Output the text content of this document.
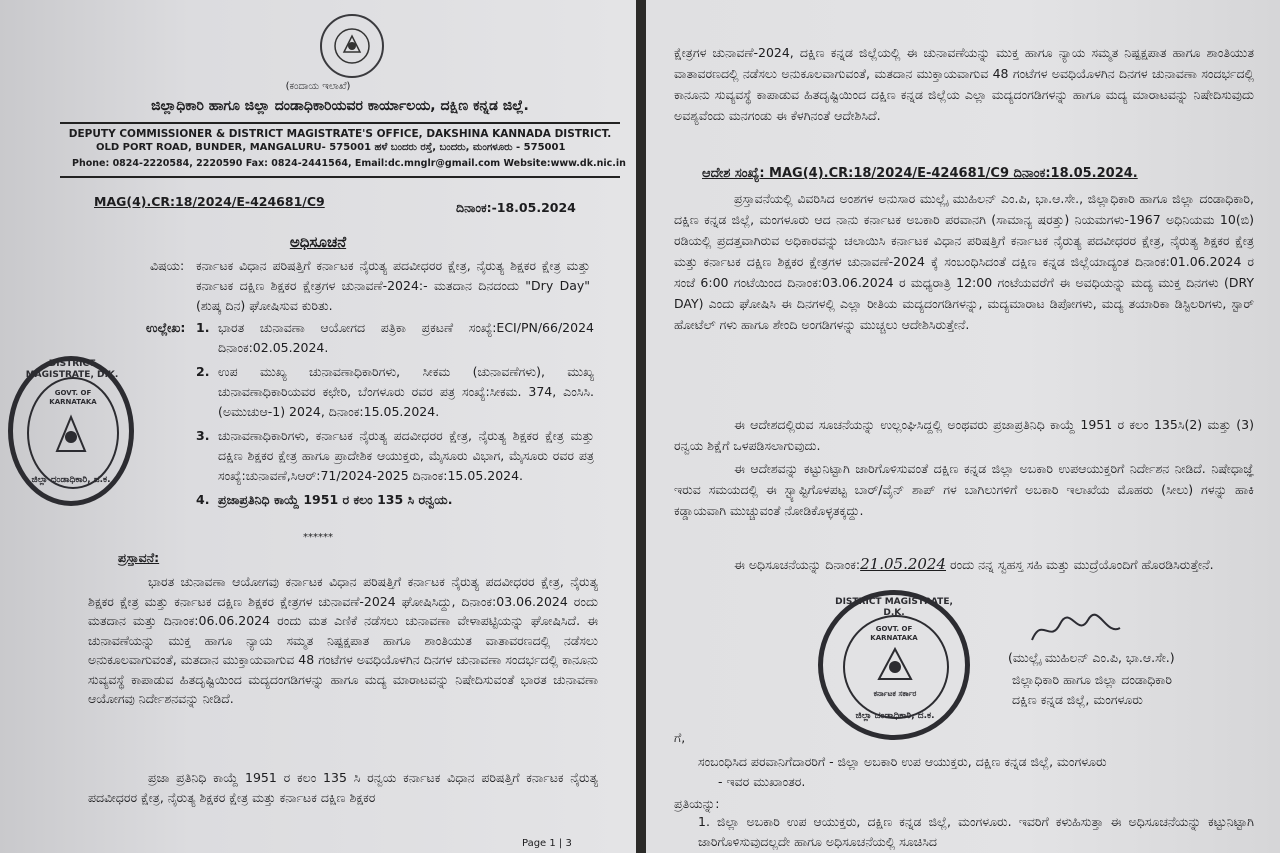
(ಕಂದಾಯ ಇಲಾಖೆ)

ಜಿಲ್ಲಾಧಿಕಾರಿ ಹಾಗೂ ಜಿಲ್ಲಾ ದಂಡಾಧಿಕಾರಿಯವರ ಕಾರ್ಯಾಲಯ, ದಕ್ಷಿಣ ಕನ್ನಡ ಜಿಲ್ಲೆ.

DEPUTY COMMISSIONER & DISTRICT MAGISTRATE'S OFFICE, DAKSHINA KANNADA DISTRICT.

OLD PORT ROAD, BUNDER, MANGALURU- 575001 ಹಳೆ ಬಂದರು ರಸ್ತೆ, ಬಂದರು, ಮಂಗಳೂರು - 575001

Phone: 0824-2220584, 2220590 Fax: 0824-2441564, Email:dc.mnglr@gmail.com Website:www.dk.nic.in

MAG(4).CR:18/2024/E-424681/C9	ದಿನಾಂಕ:-18.05.2024

ಅಧಿಸೂಚನೆ

ವಿಷಯ: ಕರ್ನಾಟಕ ವಿಧಾನ ಪರಿಷತ್ತಿಗೆ ಕರ್ನಾಟಕ ನೈರುತ್ಯ ಪದವೀಧರರ ಕ್ಷೇತ್ರ, ನೈರುತ್ಯ ಶಿಕ್ಷಕರ ಕ್ಷೇತ್ರ ಮತ್ತು ಕರ್ನಾಟಕ ದಕ್ಷಿಣ ಶಿಕ್ಷಕರ ಕ್ಷೇತ್ರಗಳ ಚುನಾವಣೆ-2024:- ಮತದಾನ ದಿನದಂದು "Dry Day" (ಶುಷ್ಕ ದಿನ) ಘೋಷಿಸುವ ಕುರಿತು.
ಉಲ್ಲೇಖ: 1. ಭಾರತ ಚುನಾವಣಾ ಆಯೋಗದ ಪತ್ರಿಕಾ ಪ್ರಕಟಣೆ ಸಂಖ್ಯೆ:ECI/PN/66/2024 ದಿನಾಂಕ:02.05.2024.
2. ಉಪ ಮುಖ್ಯ ಚುನಾವಣಾಧಿಕಾರಿಗಳು, ಸೀಕಮ (ಚುನಾವಣೆಗಳು), ಮುಖ್ಯ ಚುನಾವಣಾಧಿಕಾರಿಯವರ ಕಛೇರಿ, ಬೆಂಗಳೂರು ರವರ ಪತ್ರ ಸಂಖ್ಯೆ:ಸೀಕಮ. 374, ಎಂಸಿಸಿ. (ಅಮುಚುಆ-1) 2024, ದಿನಾಂಕ:15.05.2024.
3. ಚುನಾವಣಾಧಿಕಾರಿಗಳು, ಕರ್ನಾಟಕ ನೈರುತ್ಯ ಪದವೀಧರರ ಕ್ಷೇತ್ರ, ನೈರುತ್ಯ ಶಿಕ್ಷಕರ ಕ್ಷೇತ್ರ ಮತ್ತು ದಕ್ಷಿಣ ಶಿಕ್ಷಕರ ಕ್ಷೇತ್ರ ಹಾಗೂ ಪ್ರಾದೇಶಿಕ ಆಯುಕ್ತರು, ಮೈಸೂರು ವಿಭಾಗ, ಮೈಸೂರು ರವರ ಪತ್ರ ಸಂಖ್ಯೆ:ಚುನಾವಣೆ,ಸಿಆರ್:71/2024-2025 ದಿನಾಂಕ:15.05.2024.
4. ಪ್ರಜಾಪ್ರತಿನಿಧಿ ಕಾಯ್ದೆ 1951 ರ ಕಲಂ 135 ಸಿ ರನ್ವಯ.

******

ಪ್ರಸ್ತಾವನೆ:

ಭಾರತ ಚುನಾವಣಾ ಆಯೋಗವು ಕರ್ನಾಟಕ ವಿಧಾನ ಪರಿಷತ್ತಿಗೆ ಕರ್ನಾಟಕ ನೈರುತ್ಯ ಪದವೀಧರರ ಕ್ಷೇತ್ರ, ನೈರುತ್ಯ ಶಿಕ್ಷಕರ ಕ್ಷೇತ್ರ ಮತ್ತು ಕರ್ನಾಟಕ ದಕ್ಷಿಣ ಶಿಕ್ಷಕರ ಕ್ಷೇತ್ರಗಳ ಚುನಾವಣೆ-2024 ಘೋಷಿಸಿದ್ದು, ದಿನಾಂಕ:03.06.2024 ರಂದು ಮತದಾನ ಮತ್ತು ದಿನಾಂಕ:06.06.2024 ರಂದು ಮತ ಎಣಿಕೆ ನಡೆಸಲು ಚುನಾವಣಾ ವೇಳಾಪಟ್ಟಿಯನ್ನು ಘೋಷಿಸಿದೆ. ಈ ಚುನಾವಣೆಯನ್ನು ಮುಕ್ತ ಹಾಗೂ ನ್ಯಾಯ ಸಮ್ಮತ ನಿಷ್ಪಕ್ಷಪಾತ ಹಾಗೂ ಶಾಂತಿಯುತ ವಾತಾವರಣದಲ್ಲಿ ನಡೆಸಲು ಅನುಕೂಲವಾಗುವಂತೆ, ಮತದಾನ ಮುಕ್ತಾಯವಾಗುವ 48 ಗಂಟೆಗಳ ಅವಧಿಯೊಳಗಿನ ದಿನಗಳ ಚುನಾವಣಾ ಸಂದರ್ಭದಲ್ಲಿ ಕಾನೂನು ಸುವ್ಯವಸ್ಥೆ ಕಾಪಾಡುವ ಹಿತದೃಷ್ಟಿಯಿಂದ ಮದ್ಯದಂಗಡಿಗಳನ್ನು ಹಾಗೂ ಮದ್ಯ ಮಾರಾಟವನ್ನು ನಿಷೇದಿಸುವಂತೆ ಭಾರತ ಚುನಾವಣಾ ಆಯೋಗವು ನಿರ್ದೇಶನವನ್ನು ನೀಡಿದೆ.

ಪ್ರಜಾ ಪ್ರತಿನಿಧಿ ಕಾಯ್ದೆ 1951 ರ ಕಲಂ 135 ಸಿ ರನ್ವಯ ಕರ್ನಾಟಕ ವಿಧಾನ ಪರಿಷತ್ತಿಗೆ ಕರ್ನಾಟಕ ನೈರುತ್ಯ ಪದವೀಧರರ ಕ್ಷೇತ್ರ, ನೈರುತ್ಯ ಶಿಕ್ಷಕರ ಕ್ಷೇತ್ರ ಮತ್ತು ಕರ್ನಾಟಕ ದಕ್ಷಿಣ ಶಿಕ್ಷಕರ

Page 1 | 3

DISTRICT MAGISTRATE, D.K.
GOVT. OF KARNATAKA
ಜಿಲ್ಲಾ ದಂಡಾಧಿಕಾರಿ, ದ.ಕ.

ಕ್ಷೇತ್ರಗಳ ಚುನಾವಣೆ-2024, ದಕ್ಷಿಣ ಕನ್ನಡ ಜಿಲ್ಲೆಯಲ್ಲಿ ಈ ಚುನಾವಣೆಯನ್ನು ಮುಕ್ತ ಹಾಗೂ ನ್ಯಾಯ ಸಮ್ಮತ ನಿಷ್ಪಕ್ಷಪಾತ ಹಾಗೂ ಶಾಂತಿಯುತ ವಾತಾವರಣದಲ್ಲಿ ನಡೆಸಲು ಅನುಕೂಲವಾಗುವಂತೆ, ಮತದಾನ ಮುಕ್ತಾಯವಾಗುವ 48 ಗಂಟೆಗಳ ಅವಧಿಯೊಳಗಿನ ದಿನಗಳ ಚುನಾವಣಾ ಸಂದರ್ಭದಲ್ಲಿ ಕಾನೂನು ಸುವ್ಯವಸ್ಥೆ ಕಾಪಾಡುವ ಹಿತದೃಷ್ಟಿಯಿಂದ ದಕ್ಷಿಣ ಕನ್ನಡ ಜಿಲ್ಲೆಯ ಎಲ್ಲಾ ಮದ್ಯದಂಗಡಿಗಳನ್ನು ಹಾಗೂ ಮದ್ಯ ಮಾರಾಟವನ್ನು ನಿಷೇದಿಸುವುದು ಅವಶ್ಯವೆಂದು ಮನಗಂಡು ಈ ಕೆಳಗಿನಂತೆ ಆದೇಶಿಸಿದೆ.

ಆದೇಶ ಸಂಖ್ಯೆ: MAG(4).CR:18/2024/E-424681/C9 ದಿನಾಂಕ:18.05.2024.

ಪ್ರಸ್ತಾವನೆಯಲ್ಲಿ ವಿವರಿಸಿದ ಅಂಶಗಳ ಅನುಸಾರ ಮುಲ್ಲೈ ಮುಹಿಲನ್ ಎಂ.ಪಿ, ಭಾ.ಆ.ಸೇ., ಜಿಲ್ಲಾಧಿಕಾರಿ ಹಾಗೂ ಜಿಲ್ಲಾ ದಂಡಾಧಿಕಾರಿ, ದಕ್ಷಿಣ ಕನ್ನಡ ಜಿಲ್ಲೆ, ಮಂಗಳೂರು ಆದ ನಾನು ಕರ್ನಾಟಕ ಅಬಕಾರಿ ಪರವಾನಗಿ (ಸಾಮಾನ್ಯ ಷರತ್ತು) ನಿಯಮಗಳು-1967 ಅಧಿನಿಯಮ 10(ಬಿ) ರಡಿಯಲ್ಲಿ ಪ್ರದತ್ತವಾಗಿರುವ ಅಧಿಕಾರವನ್ನು ಚಲಾಯಿಸಿ ಕರ್ನಾಟಕ ವಿಧಾನ ಪರಿಷತ್ತಿಗೆ ಕರ್ನಾಟಕ ನೈರುತ್ಯ ಪದವೀಧರರ ಕ್ಷೇತ್ರ, ನೈರುತ್ಯ ಶಿಕ್ಷಕರ ಕ್ಷೇತ್ರ ಮತ್ತು ಕರ್ನಾಟಕ ದಕ್ಷಿಣ ಶಿಕ್ಷಕರ ಕ್ಷೇತ್ರಗಳ ಚುನಾವಣೆ-2024 ಕ್ಕೆ ಸಂಬಂಧಿಸಿದಂತೆ ದಕ್ಷಿಣ ಕನ್ನಡ ಜಿಲ್ಲೆಯಾದ್ಯಂತ ದಿನಾಂಕ:01.06.2024 ರ ಸಂಜೆ 6:00 ಗಂಟೆಯಿಂದ ದಿನಾಂಕ:03.06.2024 ರ ಮಧ್ಯರಾತ್ರಿ 12:00 ಗಂಟೆಯವರೆಗೆ ಈ ಅವಧಿಯನ್ನು ಮದ್ಯ ಮುಕ್ತ ದಿನಗಳು (DRY DAY) ಎಂದು ಘೋಷಿಸಿ ಈ ದಿನಗಳಲ್ಲಿ ಎಲ್ಲಾ ರೀತಿಯ ಮದ್ಯದಂಗಡಿಗಳನ್ನು, ಮದ್ಯಮಾರಾಟ ಡಿಪೋಗಳು, ಮದ್ಯ ತಯಾರಿಕಾ ಡಿಸ್ಟಿಲರಿಗಳು, ಸ್ಟಾರ್ ಹೋಟೆಲ್ ಗಳು ಹಾಗೂ ಶೇಂದಿ ಅಂಗಡಿಗಳನ್ನು ಮುಚ್ಚಲು ಆದೇಶಿಸಿರುತ್ತೇನೆ.

ಈ ಆದೇಶದಲ್ಲಿರುವ ಸೂಚನೆಯನ್ನು ಉಲ್ಲಂಘಿಸಿದ್ದಲ್ಲಿ ಅಂಥವರು ಪ್ರಜಾಪ್ರತಿನಿಧಿ ಕಾಯ್ದೆ 1951 ರ ಕಲಂ 135ಸಿ(2) ಮತ್ತು (3) ರನ್ವಯ ಶಿಕ್ಷೆಗೆ ಒಳಪಡಿಸಲಾಗುವುದು.

ಈ ಆದೇಶವನ್ನು ಕಟ್ಟುನಿಟ್ಟಾಗಿ ಜಾರಿಗೊಳಿಸುವಂತೆ ದಕ್ಷಿಣ ಕನ್ನಡ ಜಿಲ್ಲಾ ಅಬಕಾರಿ ಉಪಆಯುಕ್ತರಿಗೆ ನಿರ್ದೇಶನ ನೀಡಿದೆ. ನಿಷೇಧಾಜ್ಞೆ ಇರುವ ಸಮಯದಲ್ಲಿ ಈ ಸ್ಟ್ಯಾಪ್ಟಿಗೊಳಪಟ್ಟ ಬಾರ್/ವೈನ್ ಶಾಪ್ ಗಳ ಬಾಗಿಲುಗಳಿಗೆ ಅಬಕಾರಿ ಇಲಾಖೆಯ ಮೊಹರು (ಸೀಲು) ಗಳನ್ನು ಹಾಕಿ ಕಡ್ಡಾಯವಾಗಿ ಮುಚ್ಚುವಂತೆ ನೋಡಿಕೊಳ್ಳತಕ್ಕದ್ದು.

ಈ ಅಧಿಸೂಚನೆಯನ್ನು ದಿನಾಂಕ:21.05.2024 ರಂದು ನನ್ನ ಸ್ವಹಸ್ತ ಸಹಿ ಮತ್ತು ಮುದ್ರೆಯೊಂದಿಗೆ ಹೊರಡಿಸಿರುತ್ತೇನೆ.

(ಮುಲ್ಲೈ ಮುಹಿಲನ್ ಎಂ.ಪಿ, ಭಾ.ಆ.ಸೇ.)

ಜಿಲ್ಲಾಧಿಕಾರಿ ಹಾಗೂ ಜಿಲ್ಲಾ ದಂಡಾಧಿಕಾರಿ

ದಕ್ಷಿಣ ಕನ್ನಡ ಜಿಲ್ಲೆ, ಮಂಗಳೂರು

ಗೆ,

ಸಂಬಂಧಿಸಿದ ಪರವಾನಿಗೆದಾರರಿಗೆ - ಜಿಲ್ಲಾ ಅಬಕಾರಿ ಉಪ ಆಯುಕ್ತರು, ದಕ್ಷಿಣ ಕನ್ನಡ ಜಿಲ್ಲೆ, ಮಂಗಳೂರು

- ಇವರ ಮುಖಾಂತರ.

ಪ್ರತಿಯನ್ನು:

1. ಜಿಲ್ಲಾ ಅಬಕಾರಿ ಉಪ ಆಯುಕ್ತರು, ದಕ್ಷಿಣ ಕನ್ನಡ ಜಿಲ್ಲೆ, ಮಂಗಳೂರು. ಇವರಿಗೆ ಕಳುಹಿಸುತ್ತಾ ಈ ಅಧಿಸೂಚನೆಯನ್ನು ಕಟ್ಟುನಿಟ್ಟಾಗಿ ಜಾರಿಗೊಳಿಸುವುದಲ್ಲದೇ ಹಾಗೂ ಅಧಿಸೂಚನೆಯಲ್ಲಿ ಸೂಚಿಸಿದ

DISTRICT MAGISTRATE, D.K.
GOVT. OF KARNATAKA
ಕರ್ನಾಟಕ ಸರ್ಕಾರ
ಜಿಲ್ಲಾ ದಂಡಾಧಿಕಾರಿ, ದ.ಕ.
